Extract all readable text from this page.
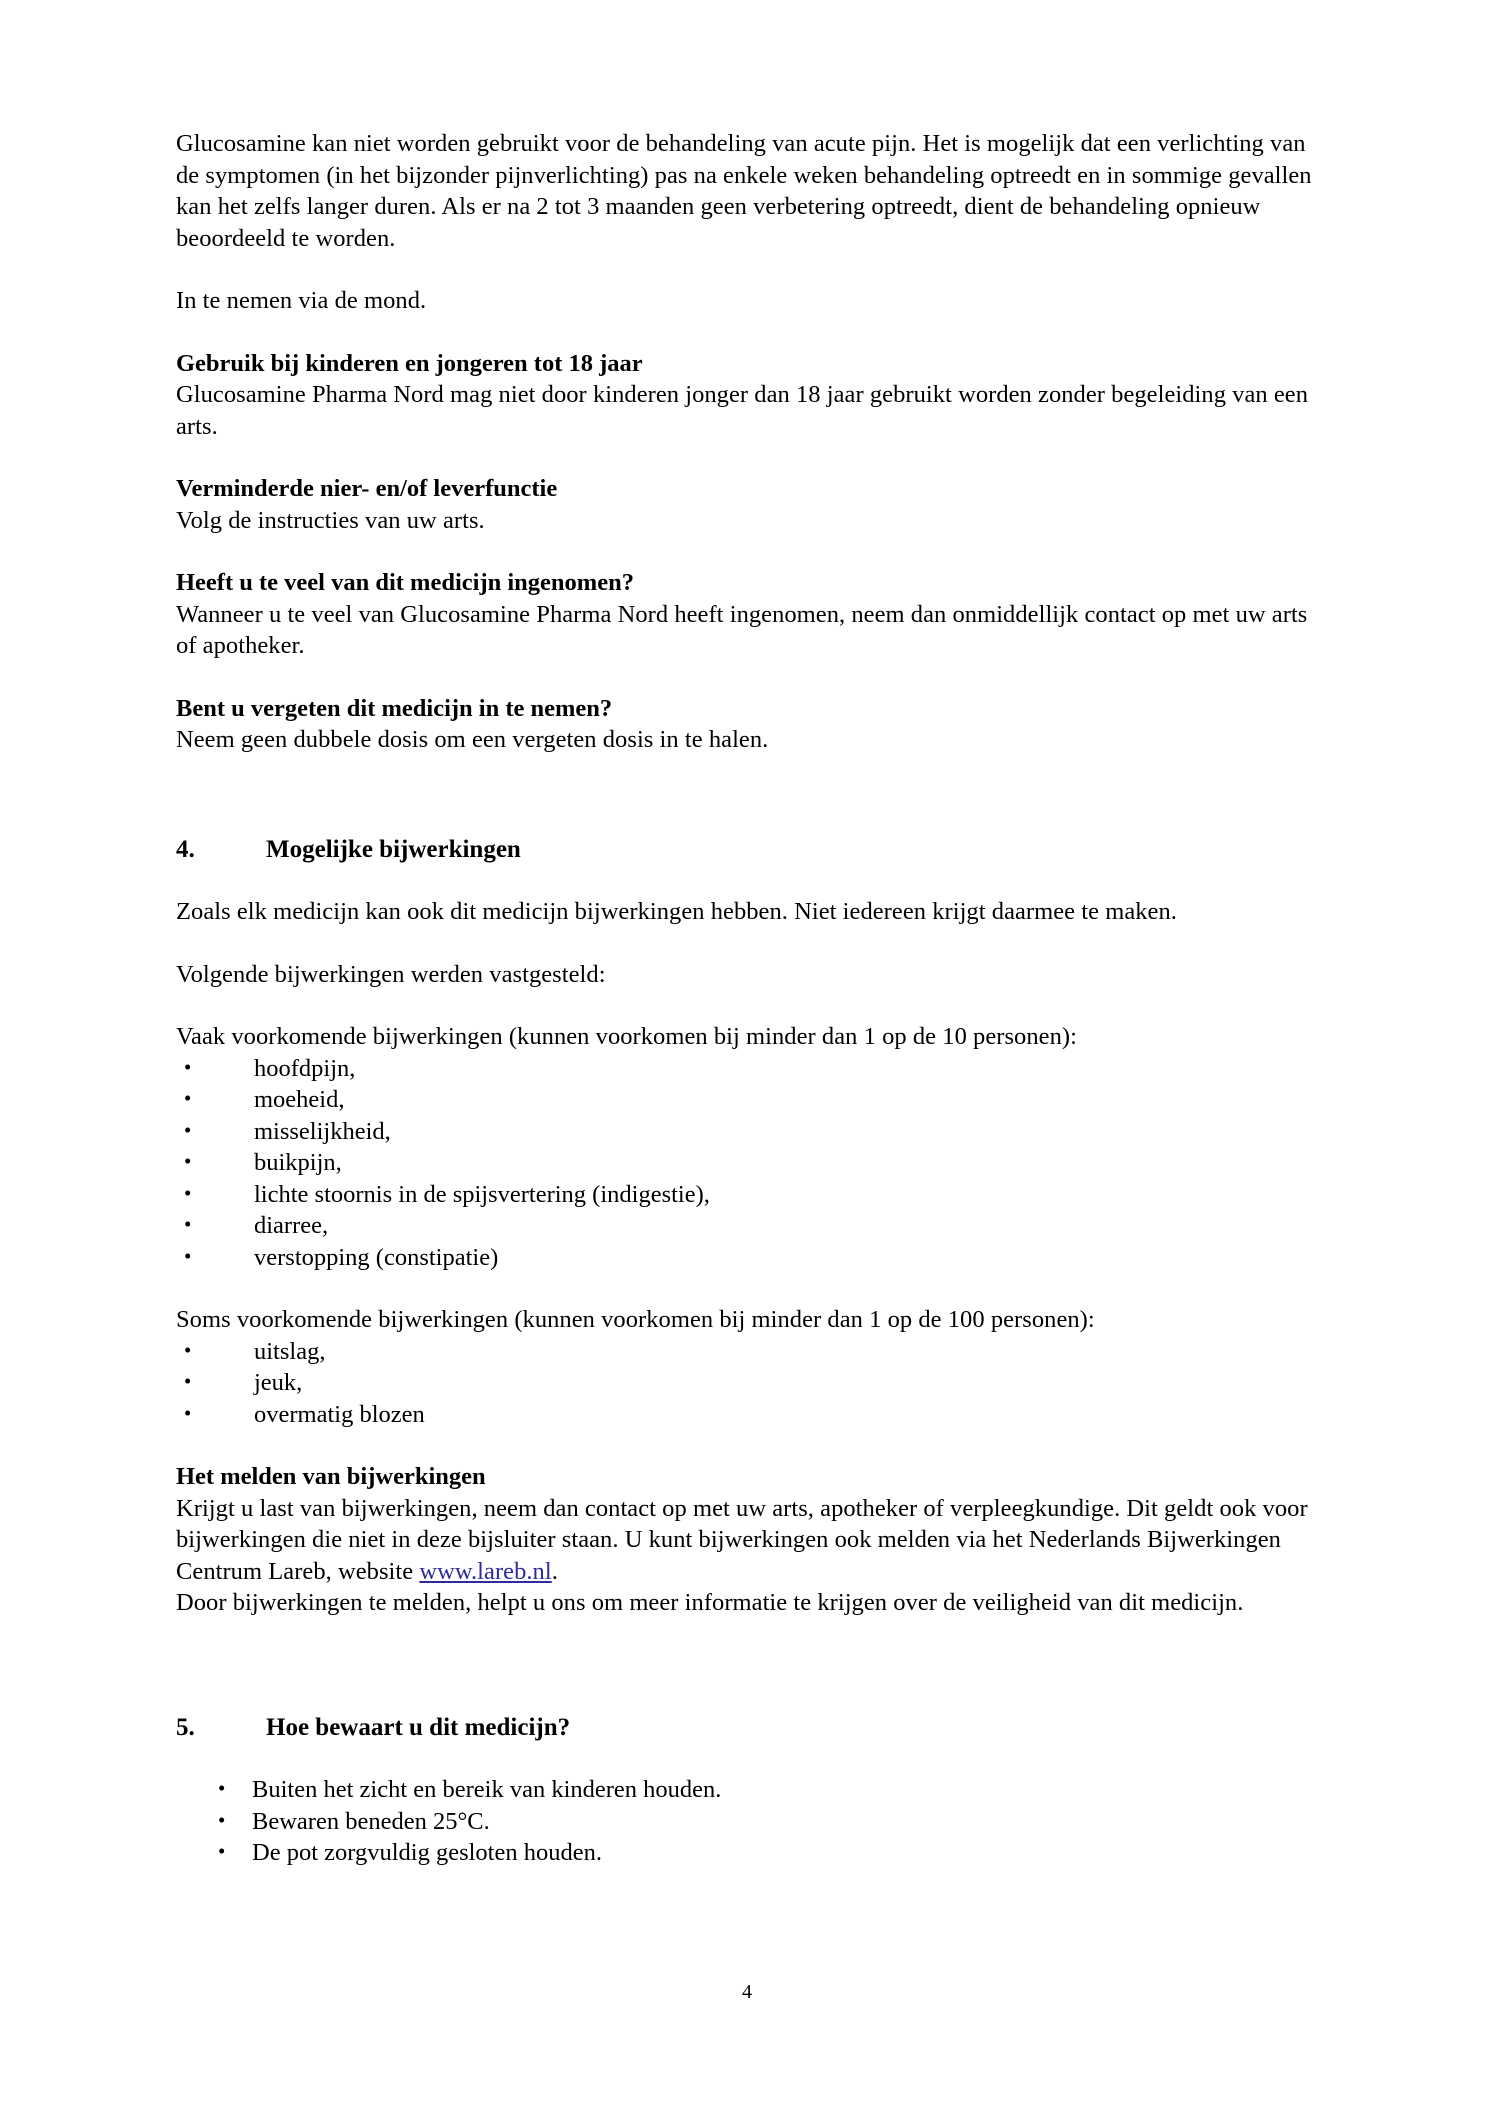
Glucosamine kan niet worden gebruikt voor de behandeling van acute pijn. Het is mogelijk dat een verlichting van de symptomen (in het bijzonder pijnverlichting) pas na enkele weken behandeling optreedt en in sommige gevallen kan het zelfs langer duren. Als er na 2 tot 3 maanden geen verbetering optreedt, dient de behandeling opnieuw beoordeeld te worden.

In te nemen via de mond.

Gebruik bij kinderen en jongeren tot 18 jaar

Glucosamine Pharma Nord mag niet door kinderen jonger dan 18 jaar gebruikt worden zonder begeleiding van een arts.

Verminderde nier- en/of leverfunctie

Volg de instructies van uw arts.

Heeft u te veel van dit medicijn ingenomen?

Wanneer u te veel van Glucosamine Pharma Nord heeft ingenomen, neem dan onmiddellijk contact op met uw arts of apotheker.

Bent u vergeten dit medicijn in te nemen?

Neem geen dubbele dosis om een vergeten dosis in te halen.

4.	Mogelijke bijwerkingen

Zoals elk medicijn kan ook dit medicijn bijwerkingen hebben. Niet iedereen krijgt daarmee te maken.

Volgende bijwerkingen werden vastgesteld:

Vaak voorkomende bijwerkingen (kunnen voorkomen bij minder dan 1 op de 10 personen):

• hoofdpijn,
• moeheid,
• misselijkheid,
• buikpijn,
• lichte stoornis in de spijsvertering (indigestie),
• diarree,
• verstopping (constipatie)

Soms voorkomende bijwerkingen (kunnen voorkomen bij minder dan 1 op de 100 personen):

• uitslag,
• jeuk,
• overmatig blozen

Het melden van bijwerkingen

Krijgt u last van bijwerkingen, neem dan contact op met uw arts, apotheker of verpleegkundige. Dit geldt ook voor bijwerkingen die niet in deze bijsluiter staan. U kunt bijwerkingen ook melden via het Nederlands Bijwerkingen Centrum Lareb, website www.lareb.nl.

Door bijwerkingen te melden, helpt u ons om meer informatie te krijgen over de veiligheid van dit medicijn.

5.	Hoe bewaart u dit medicijn?
• Buiten het zicht en bereik van kinderen houden.
• Bewaren beneden 25°C.
• De pot zorgvuldig gesloten houden.
4
